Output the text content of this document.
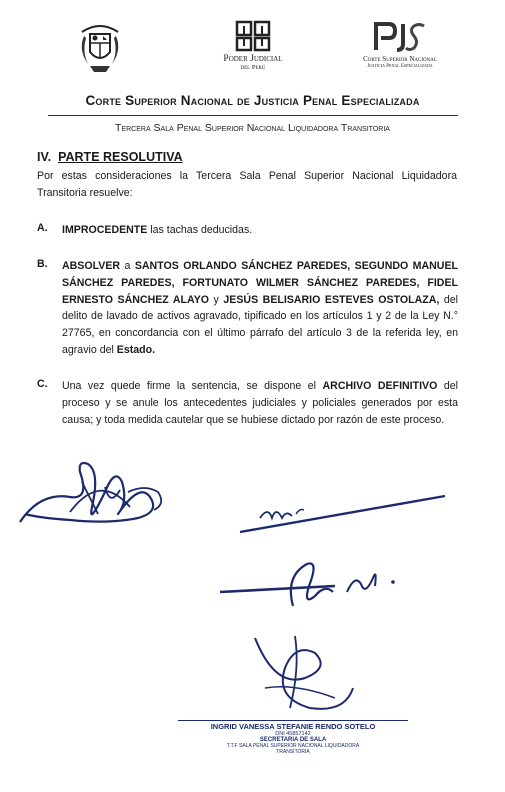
Poder Judicial
del Perú
Corte Superior Nacional
Justicia Penal Especializada
Corte Superior Nacional de Justicia Penal Especializada
Tercera Sala Penal Superior Nacional Liquidadora Transitoria
IV. PARTE RESOLUTIVA
Por estas consideraciones la Tercera Sala Penal Superior Nacional Liquidadora Transitoria resuelve:
A. IMPROCEDENTE las tachas deducidas.
B. ABSOLVER a SANTOS ORLANDO SÁNCHEZ PAREDES, SEGUNDO MANUEL SÁNCHEZ PAREDES, FORTUNATO WILMER SÁNCHEZ PAREDES, FIDEL ERNESTO SÁNCHEZ ALAYO y JESÚS BELISARIO ESTEVES OSTOLAZA, del delito de lavado de activos agravado, tipificado en los artículos 1 y 2 de la Ley N.° 27765, en concordancia con el último párrafo del artículo 3 de la referida ley, en agravio del Estado.
C. Una vez quede firme la sentencia, se dispone el ARCHIVO DEFINITIVO del proceso y se anule los antecedentes judiciales y policiales generados por esta causa; y toda medida cautelar que se hubiese dictado por razón de este proceso.
INGRID VANESSA STEFANIE RENDO SOTELO
DNI 45857142
SECRETARIA DE SALA
T.T.F SALA PENAL SUPERIOR NACIONAL LIQUIDADORA
TRANSITORIA
